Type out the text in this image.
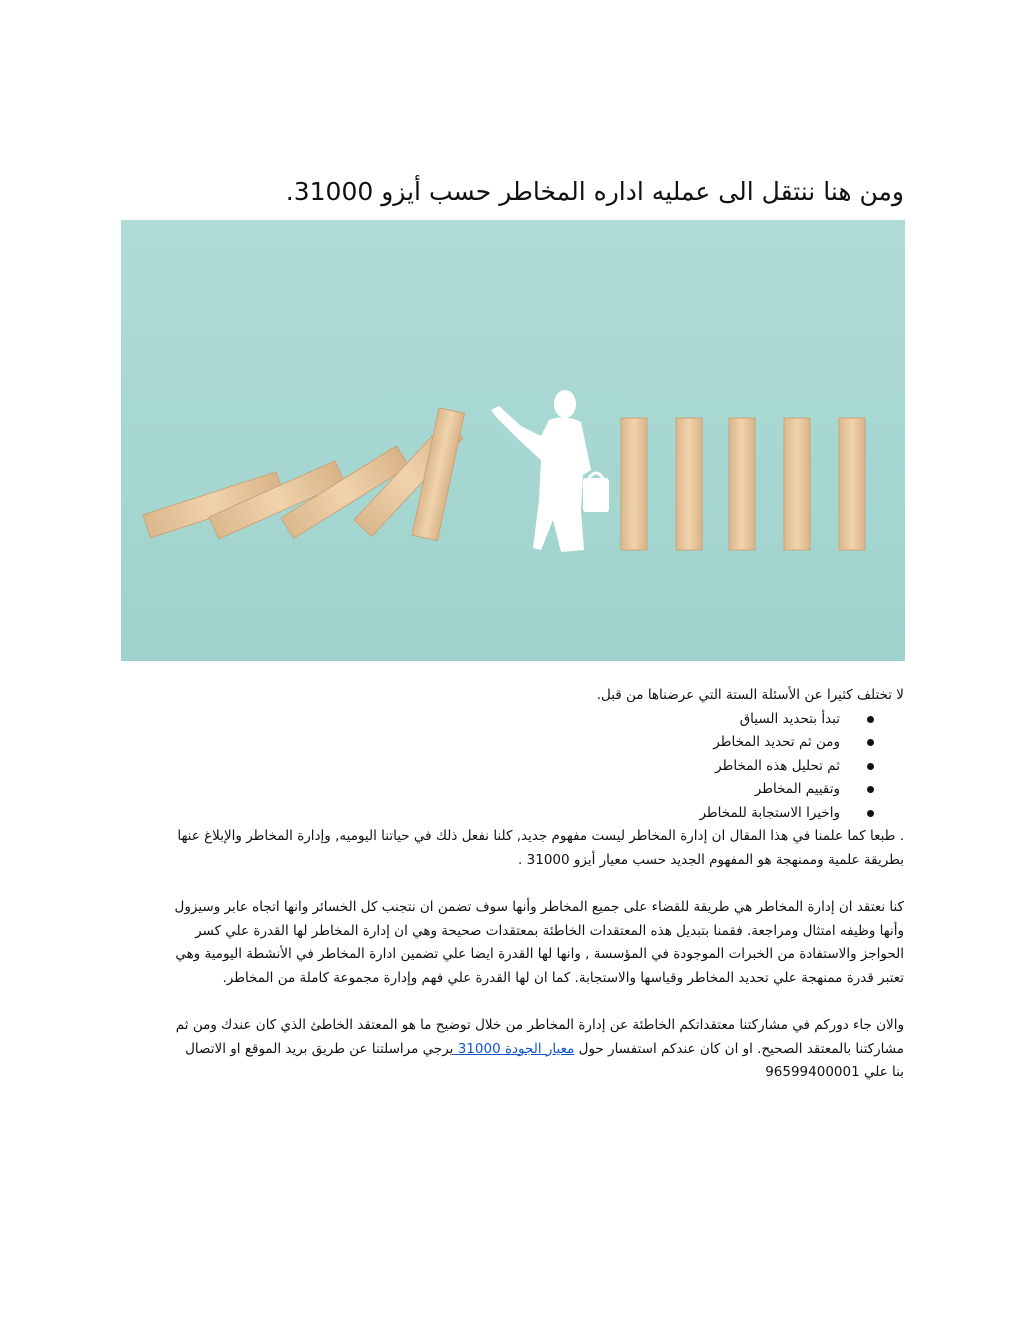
ومن هنا ننتقل الى عمليه اداره المخاطر حسب أيزو 31000.

لا تختلف كثيرا عن الأسئلة الستة التي عرضناها من قبل.

تبدأ بتحديد السياق
ومن ثم تحديد المخاطر
ثم تحليل هذه المخاطر
وتقييم المخاطر
واخيرا الاستجابة للمخاطر
. طبعا كما علمنا في هذا المقال ان إدارة المخاطر ليست مفهوم جديد, كلنا نفعل ذلك في حياتنا اليوميه, وإدارة المخاطر والإبلاغ عنها
بطريقة علمية وممنهجة هو المفهوم الجديد حسب معيار أيزو 31000 .
كنا نعتقد ان إدارة المخاطر هي طريقة للقضاء على جميع المخاطر وأنها سوف تضمن ان نتجنب كل الخسائر وانها اتجاه عابر وسيزول
وأنها وظيفه امتثال ومراجعة. فقمنا بتبديل هذه المعتقدات الخاطئة بمعتقدات صحيحة وهي ان إدارة المخاطر لها القدرة علي كسر
الحواجز والاستفادة من الخبرات الموجودة في المؤسسة , وانها لها القدرة ايضا علي تضمين ادارة المخاطر في الأنشطة اليومية وهي
تعتبر قدرة ممنهجة علي تحديد المخاطر وقياسها والاستجابة. كما ان لها القدرة علي فهم وإدارة مجموعة كاملة من المخاطر.
والان جاء دوركم في مشاركتنا معتقداتكم الخاطئة عن إدارة المخاطر من خلال توضيح ما هو المعتقد الخاطئ الذي كان عندك ومن ثم
مشاركتنا بالمعتقد الصحيح. او ان كان عندكم استفسار حول معيار الجودة 31000 يرجي مراسلتنا عن طريق بريد الموقع او الاتصال
بنا علي 96599400001
